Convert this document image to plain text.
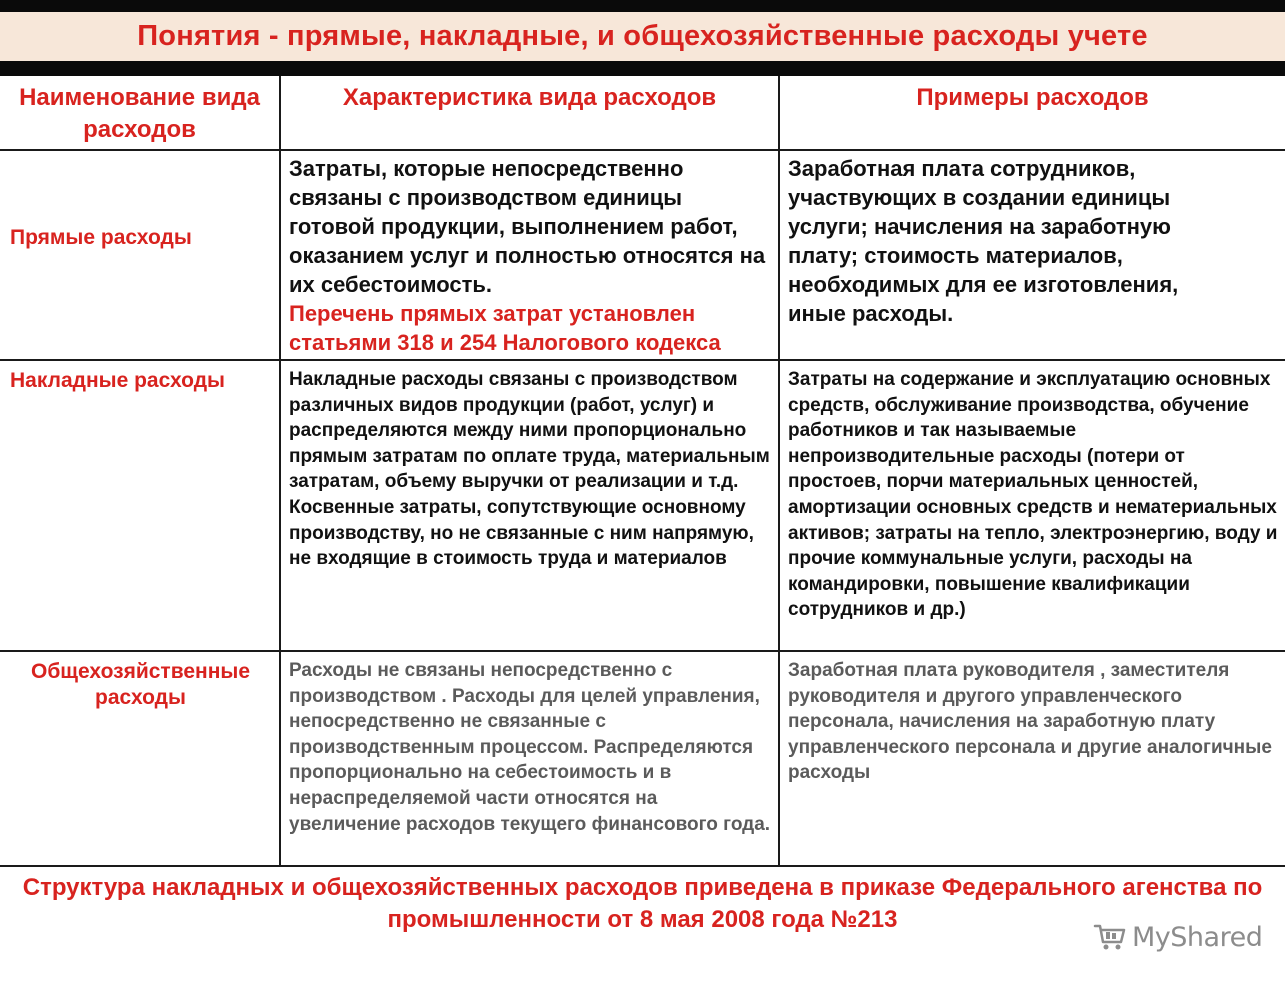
Понятия - прямые, накладные, и общехозяйственные расходы учете
Наименование вида расходов
Характеристика вида расходов	Примеры расходов
Прямые расходы
Затраты, которые непосредственно связаны с производством единицы готовой продукции, выполнением работ, оказанием услуг и полностью относятся на их себестоимость.
Перечень прямых затрат установлен статьями 318 и 254 Налогового кодекса
Заработная плата сотрудников, участвующих в создании единицы услуги; начисления на заработную плату; стоимость материалов, необходимых для ее изготовления, иные расходы.
Накладные расходы	Накладные расходы связаны с производством различных видов продукции (работ, услуг) и распределяются между ними пропорционально прямым затратам по оплате труда, материальным затратам, объему выручки от реализации и т.д. Косвенные затраты, сопутствующие основному производству, но не связанные с ним напрямую, не входящие в стоимость труда и материалов
Затраты на содержание и эксплуатацию основных средств, обслуживание производства, обучение работников и так называемые непроизводительные расходы (потери от простоев, порчи материальных ценностей, амортизации основных средств и нематериальных активов; затраты на тепло, электроэнергию, воду и прочие коммунальные услуги, расходы на командировки, повышение квалификации сотрудников и др.)
Общехозяйственные расходы
Расходы не связаны непосредственно с производством . Расходы для целей управления, непосредственно не связанные с производственным процессом. Распределяются пропорционально на себестоимость и в нераспределяемой части относятся на увеличение расходов текущего финансового года.
Заработная плата руководителя , заместителя руководителя и другого управленческого персонала, начисления на заработную плату управленческого персонала и другие аналогичные расходы
Структура накладных и общехозяйственных расходов приведена в приказе Федерального агенства по промышленности от 8 мая 2008 года №213
MyShared
